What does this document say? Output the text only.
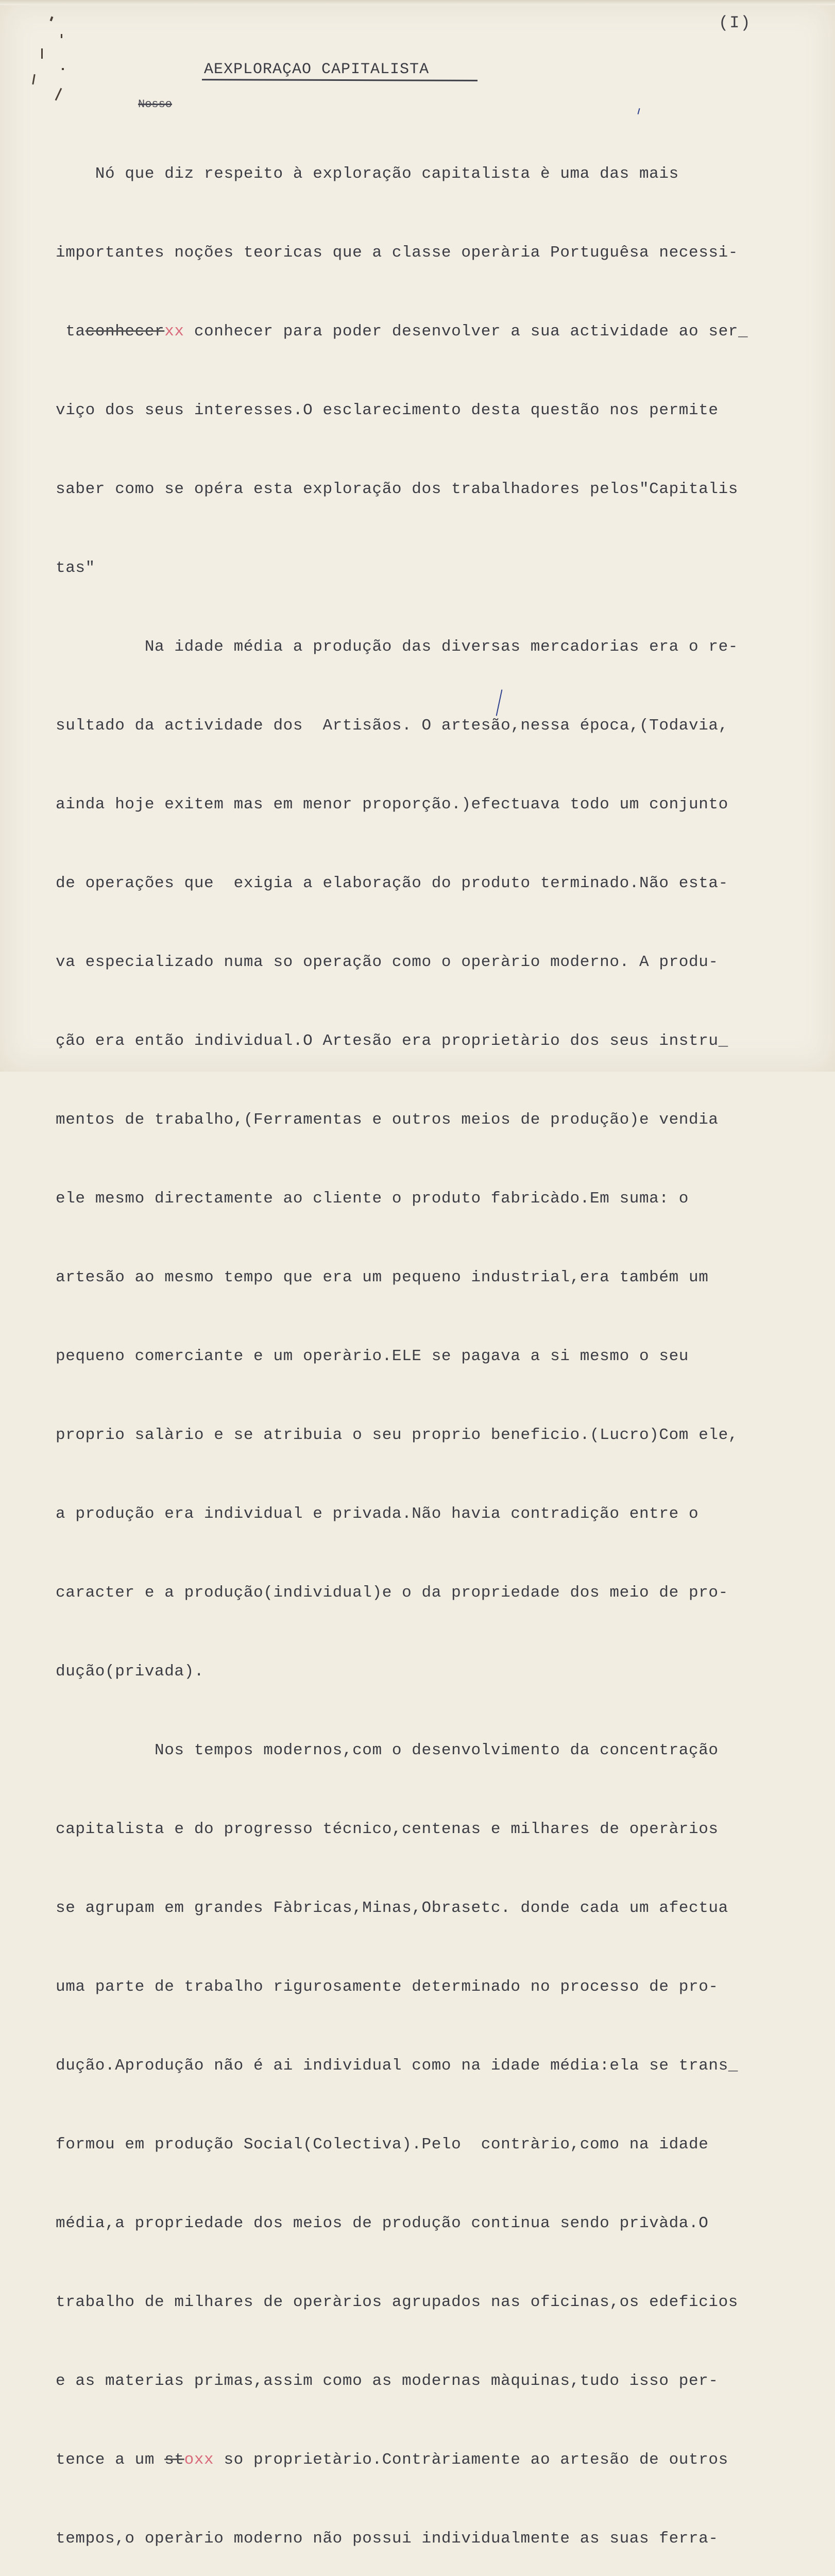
(I)
AEXPLORAÇAO CAPITALISTA
Nosso

Nó que diz respeito à exploração capitalista è uma das mais

importantes noções teoricas que a classe operària Portuguêsa necessi-

taconhecerxx conhecer para poder desenvolver a sua actividade ao ser_

viço dos seus interesses.O esclarecimento desta questão nos permite

saber como se opéra esta exploração dos trabalhadores pelos"Capitalis

tas"

Na idade média a produção das diversas mercadorias era o re-

sultado da actividade dos  Artisãos. O artesão,nessa época,(Todavia,

ainda hoje exitem mas em menor proporção.)efectuava todo um conjunto

de operações que  exigia a elaboração do produto terminado.Não esta-

va especializado numa so operação como o operàrio moderno. A produ-

ção era então individual.O Artesão era proprietàrio dos seus instru_

mentos de trabalho,(Ferramentas e outros meios de produção)e vendia

ele mesmo directamente ao cliente o produto fabricàdo.Em suma: o

artesão ao mesmo tempo que era um pequeno industrial,era também um

pequeno comerciante e um operàrio.ELE se pagava a si mesmo o seu

proprio salàrio e se atribuia o seu proprio beneficio.(Lucro)Com ele,

a produção era individual e privada.Não havia contradição entre o

caracter e a produção(individual)e o da propriedade dos meio de pro-

dução(privada).

Nos tempos modernos,com o desenvolvimento da concentração

capitalista e do progresso técnico,centenas e milhares de operàrios

se agrupam em grandes Fàbricas,Minas,Obrasetc. donde cada um afectua

uma parte de trabalho rigurosamente determinado no processo de pro-

dução.Aprodução não é ai individual como na idade média:ela se trans_

formou em produção Social(Colectiva).Pelo  contràrio,como na idade

média,a propriedade dos meios de produção continua sendo privàda.O

trabalho de milhares de operàrios agrupados nas oficinas,os edeficios

e as materias primas,assim como as modernas màquinas,tudo isso per-

tence a um stoxx so proprietàrio.Contràriamente ao artesão de outros

tempos,o operàrio moderno não possui individualmente as suas ferra-
